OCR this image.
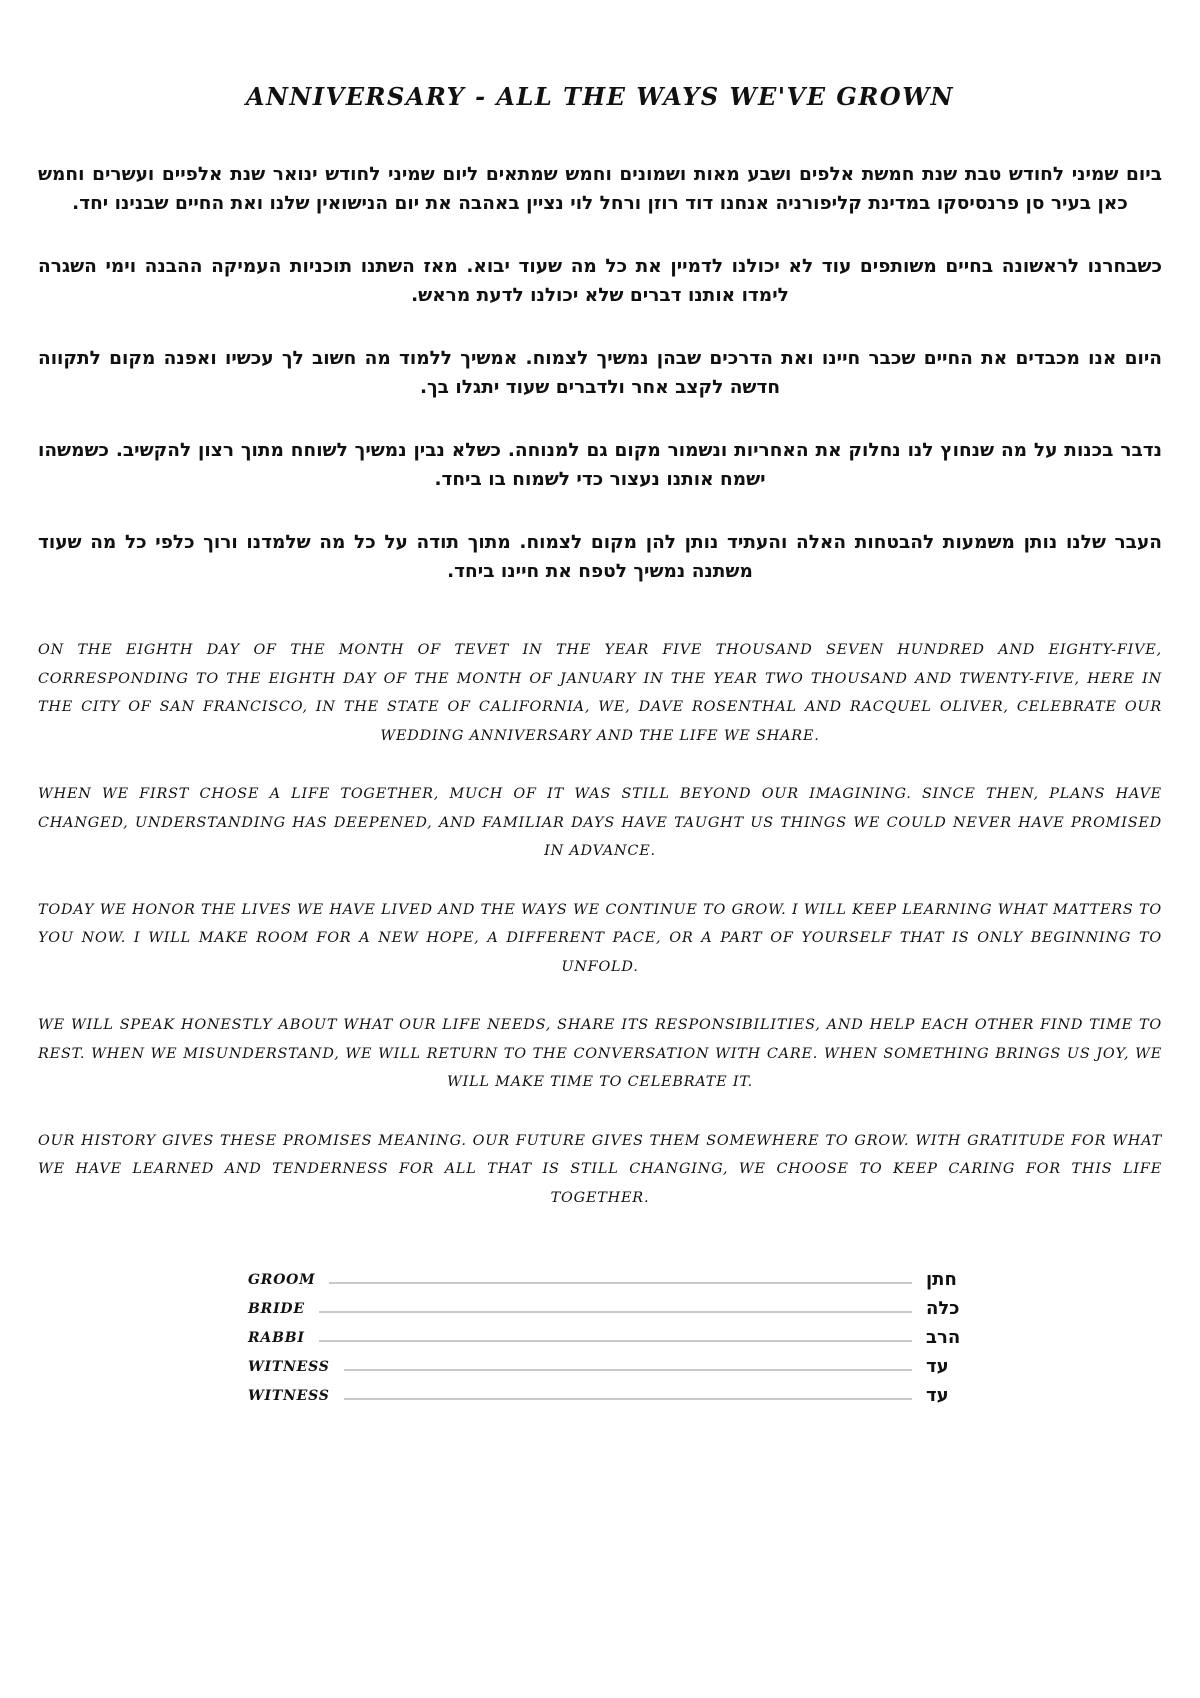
ANNIVERSARY - ALL THE WAYS WE'VE GROWN

ביום שמיני לחודש טבת שנת חמשת אלפים ושבע מאות ושמונים וחמש שמתאים ליום שמיני לחודש ינואר שנת אלפיים ועשרים וחמש כאן בעיר סן פרנסיסקו במדינת קליפורניה אנחנו דוד רוזן ורחל לוי נציין באהבה את יום הנישואין שלנו ואת החיים שבנינו יחד.

כשבחרנו לראשונה בחיים משותפים עוד לא יכולנו לדמיין את כל מה שעוד יבוא. מאז השתנו תוכניות העמיקה ההבנה וימי השגרה לימדו אותנו דברים שלא יכולנו לדעת מראש.

היום אנו מכבדים את החיים שכבר חיינו ואת הדרכים שבהן נמשיך לצמוח. אמשיך ללמוד מה חשוב לך עכשיו ואפנה מקום לתקווה חדשה לקצב אחר ולדברים שעוד יתגלו בך.

נדבר בכנות על מה שנחוץ לנו נחלוק את האחריות ונשמור מקום גם למנוחה. כשלא נבין נמשיך לשוחח מתוך רצון להקשיב. כשמשהו ישמח אותנו נעצור כדי לשמוח בו ביחד.

העבר שלנו נותן משמעות להבטחות האלה והעתיד נותן להן מקום לצמוח. מתוך תודה על כל מה שלמדנו ורוך כלפי כל מה שעוד משתנה נמשיך לטפח את חיינו ביחד.

ON THE EIGHTH DAY OF THE MONTH OF TEVET IN THE YEAR FIVE THOUSAND SEVEN HUNDRED AND EIGHTY-FIVE, CORRESPONDING TO THE EIGHTH DAY OF THE MONTH OF JANUARY IN THE YEAR TWO THOUSAND AND TWENTY-FIVE, HERE IN THE CITY OF SAN FRANCISCO, IN THE STATE OF CALIFORNIA, WE, DAVE ROSENTHAL AND RACQUEL OLIVER, CELEBRATE OUR WEDDING ANNIVERSARY AND THE LIFE WE SHARE.

WHEN WE FIRST CHOSE A LIFE TOGETHER, MUCH OF IT WAS STILL BEYOND OUR IMAGINING. SINCE THEN, PLANS HAVE CHANGED, UNDERSTANDING HAS DEEPENED, AND FAMILIAR DAYS HAVE TAUGHT US THINGS WE COULD NEVER HAVE PROMISED IN ADVANCE.

TODAY WE HONOR THE LIVES WE HAVE LIVED AND THE WAYS WE CONTINUE TO GROW. I WILL KEEP LEARNING WHAT MATTERS TO YOU NOW. I WILL MAKE ROOM FOR A NEW HOPE, A DIFFERENT PACE, OR A PART OF YOURSELF THAT IS ONLY BEGINNING TO UNFOLD.

WE WILL SPEAK HONESTLY ABOUT WHAT OUR LIFE NEEDS, SHARE ITS RESPONSIBILITIES, AND HELP EACH OTHER FIND TIME TO REST. WHEN WE MISUNDERSTAND, WE WILL RETURN TO THE CONVERSATION WITH CARE. WHEN SOMETHING BRINGS US JOY, WE WILL MAKE TIME TO CELEBRATE IT.

OUR HISTORY GIVES THESE PROMISES MEANING. OUR FUTURE GIVES THEM SOMEWHERE TO GROW. WITH GRATITUDE FOR WHAT WE HAVE LEARNED AND TENDERNESS FOR ALL THAT IS STILL CHANGING, WE CHOOSE TO KEEP CARING FOR THIS LIFE TOGETHER.

GROOM	חתן
BRIDE	כלה
RABBI	הרב
WITNESS	עד
WITNESS	עד
